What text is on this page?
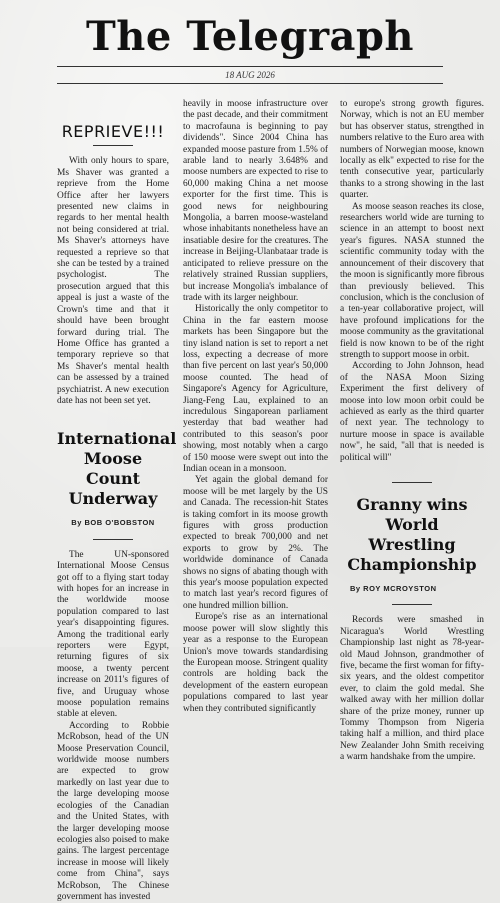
The Telegraph
18 AUG 2026
REPRIEVE!!!

With only hours to spare, Ms Shaver was granted a reprieve from the Home Office after her lawyers presented new claims in regards to her mental health not being considered at trial. Ms Shaver's attorneys have requested a reprieve so that she can be tested by a trained psychologist. The prosecution argued that this appeal is just a waste of the Crown's time and that it should have been brought forward during trial. The Home Office has granted a temporary reprieve so that Ms Shaver's mental health can be assessed by a trained psychiatrist. A new execution date has not been set yet.

International Moose Count Underway
By BOB O'BOBSTON

The UN-sponsored International Moose Census got off to a flying start today with hopes for an increase in the worldwide moose population compared to last year's disappointing figures. Among the traditional early reporters were Egypt, returning figures of six moose, a twenty percent increase on 2011's figures of five, and Uruguay whose moose population remains stable at eleven.

According to Robbie McRobson, head of the UN Moose Preservation Council, worldwide moose numbers are expected to grow markedly on last year due to the large developing moose ecologies of the Canadian and the United States, with the larger developing moose ecologies also poised to make gains. The largest percentage increase in moose will likely come from China", says McRobson, The Chinese government has invested

heavily in moose infrastructure over the past decade, and their commitment to macrofauna is beginning to pay dividends". Since 2004 China has expanded moose pasture from 1.5% of arable land to nearly 3.648% and moose numbers are expected to rise to 60,000 making China a net moose exporter for the first time. This is good news for neighbouring Mongolia, a barren moose-wasteland whose inhabitants nonetheless have an insatiable desire for the creatures. The increase in Beijing-Ulanbataar trade is anticipated to relieve pressure on the relatively strained Russian suppliers, but increase Mongolia's imbalance of trade with its larger neighbour.

Historically the only competitor to China in the far eastern moose markets has been Singapore but the tiny island nation is set to report a net loss, expecting a decrease of more than five percent on last year's 50,000 moose counted. The head of Singapore's Agency for Agriculture, Jiang-Feng Lau, explained to an incredulous Singaporean parliament yesterday that bad weather had contributed to this season's poor showing, most notably when a cargo of 150 moose were swept out into the Indian ocean in a monsoon.

Yet again the global demand for moose will be met largely by the US and Canada. The recession-hit States is taking comfort in its moose growth figures with gross production expected to break 700,000 and net exports to grow by 2%. The worldwide dominance of Canada shows no signs of abating though with this year's moose population expected to match last year's record figures of one hundred million billion.

Europe's rise as an international moose power will slow slightly this year as a response to the European Union's move towards standardising the European moose. Stringent quality controls are holding back the development of the eastern european populations compared to last year when they contributed significantly

to europe's strong growth figures. Norway, which is not an EU member but has observer status, strengthed in numbers relative to the Euro area with numbers of Norwegian moose, known locally as elk" expected to rise for the tenth consecutive year, particularly thanks to a strong showing in the last quarter.

As moose season reaches its close, researchers world wide are turning to science in an attempt to boost next year's figures. NASA stunned the scientific community today with the announcement of their discovery that the moon is significantly more fibrous than previously believed. This conclusion, which is the conclusion of a ten-year collaborative project, will have profound implications for the moose community as the gravitational field is now known to be of the right strength to support moose in orbit.

According to John Johnson, head of the NASA Moon Sizing Experiment the first delivery of moose into low moon orbit could be achieved as early as the third quarter of next year. The technology to nurture moose in space is available now", he said, "all that is needed is political will"

Granny wins World Wrestling Championship
By ROY MCROYSTON

Records were smashed in Nicaragua's World Wrestling Championship last night as 78-year-old Maud Johnson, grandmother of five, became the first woman for fifty-six years, and the oldest competitor ever, to claim the gold medal. She walked away with her million dollar share of the prize money, runner up Tommy Thompson from Nigeria taking half a million, and third place New Zealander John Smith receiving a warm handshake from the umpire.
